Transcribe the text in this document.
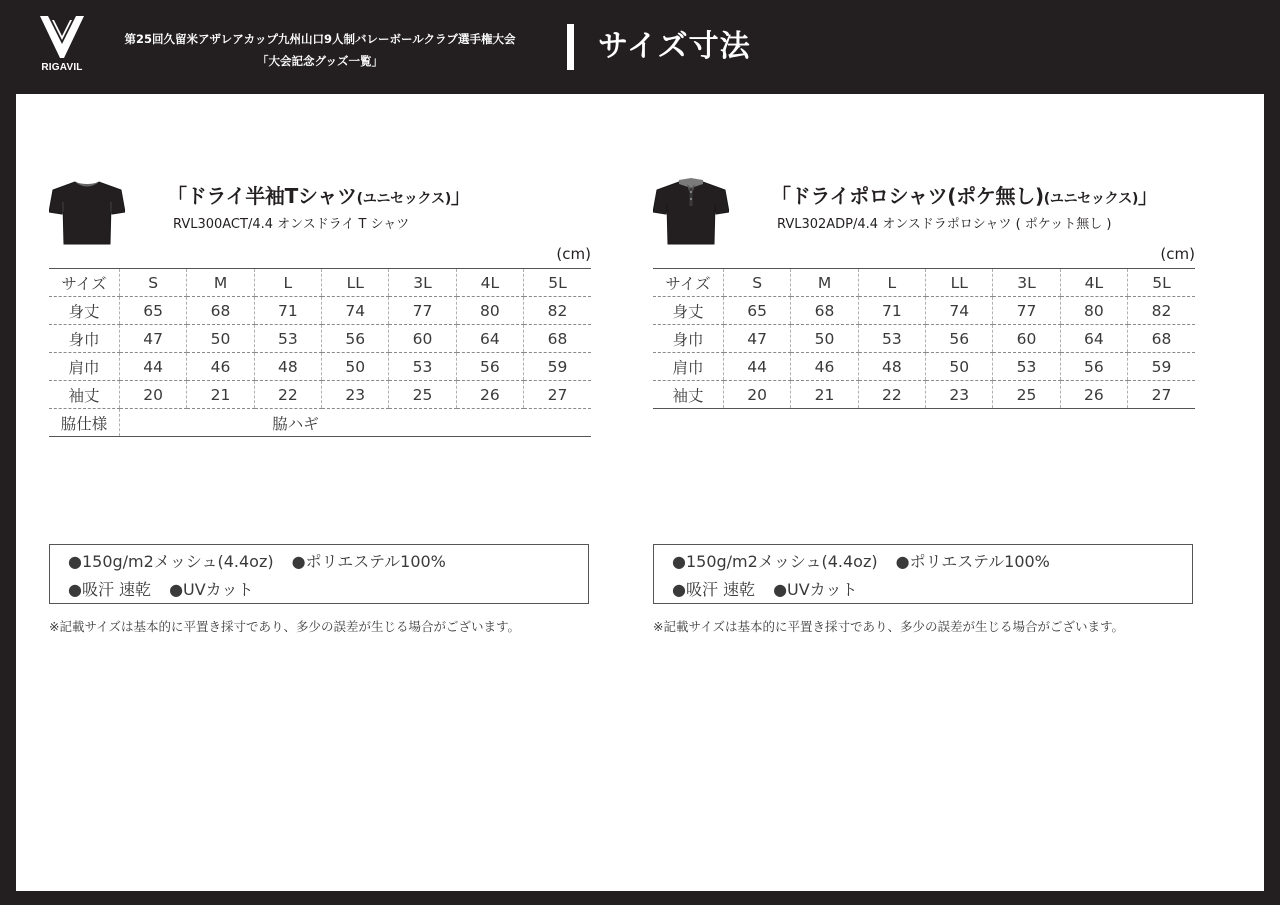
RIGAVIL
第25回久留米アザレアカップ九州山口9人制バレーボールクラブ選手権大会
「大会記念グッズ一覧」	サイズ寸法
「ドライ半袖Tシャツ(ユニセックス)」
RVL300ACT/4.4 オンスドライ T シャツ
(cm)
サイズ	S	M	L	LL	3L	4L	5L
身丈	65	68	71	74	77	80	82
身巾	47	50	53	56	60	64	68
肩巾	44	46	48	50	53	56	59
袖丈	20	21	22	23	25	26	27
脇仕様	脇ハギ						
●150g/m2メッシュ(4.4oz) ●ポリエステル100%
●吸汗 速乾 ●UVカット
※記載サイズは基本的に平置き採寸であり、多少の誤差が生じる場合がございます。
「ドライポロシャツ(ポケ無し)(ユニセックス)」
RVL302ADP/4.4 オンスドラポロシャツ ( ポケット無し )
(cm)
サイズ	S	M	L	LL	3L	4L	5L
身丈	65	68	71	74	77	80	82
身巾	47	50	53	56	60	64	68
肩巾	44	46	48	50	53	56	59
袖丈	20	21	22	23	25	26	27
●150g/m2メッシュ(4.4oz) ●ポリエステル100%
●吸汗 速乾 ●UVカット
※記載サイズは基本的に平置き採寸であり、多少の誤差が生じる場合がございます。
